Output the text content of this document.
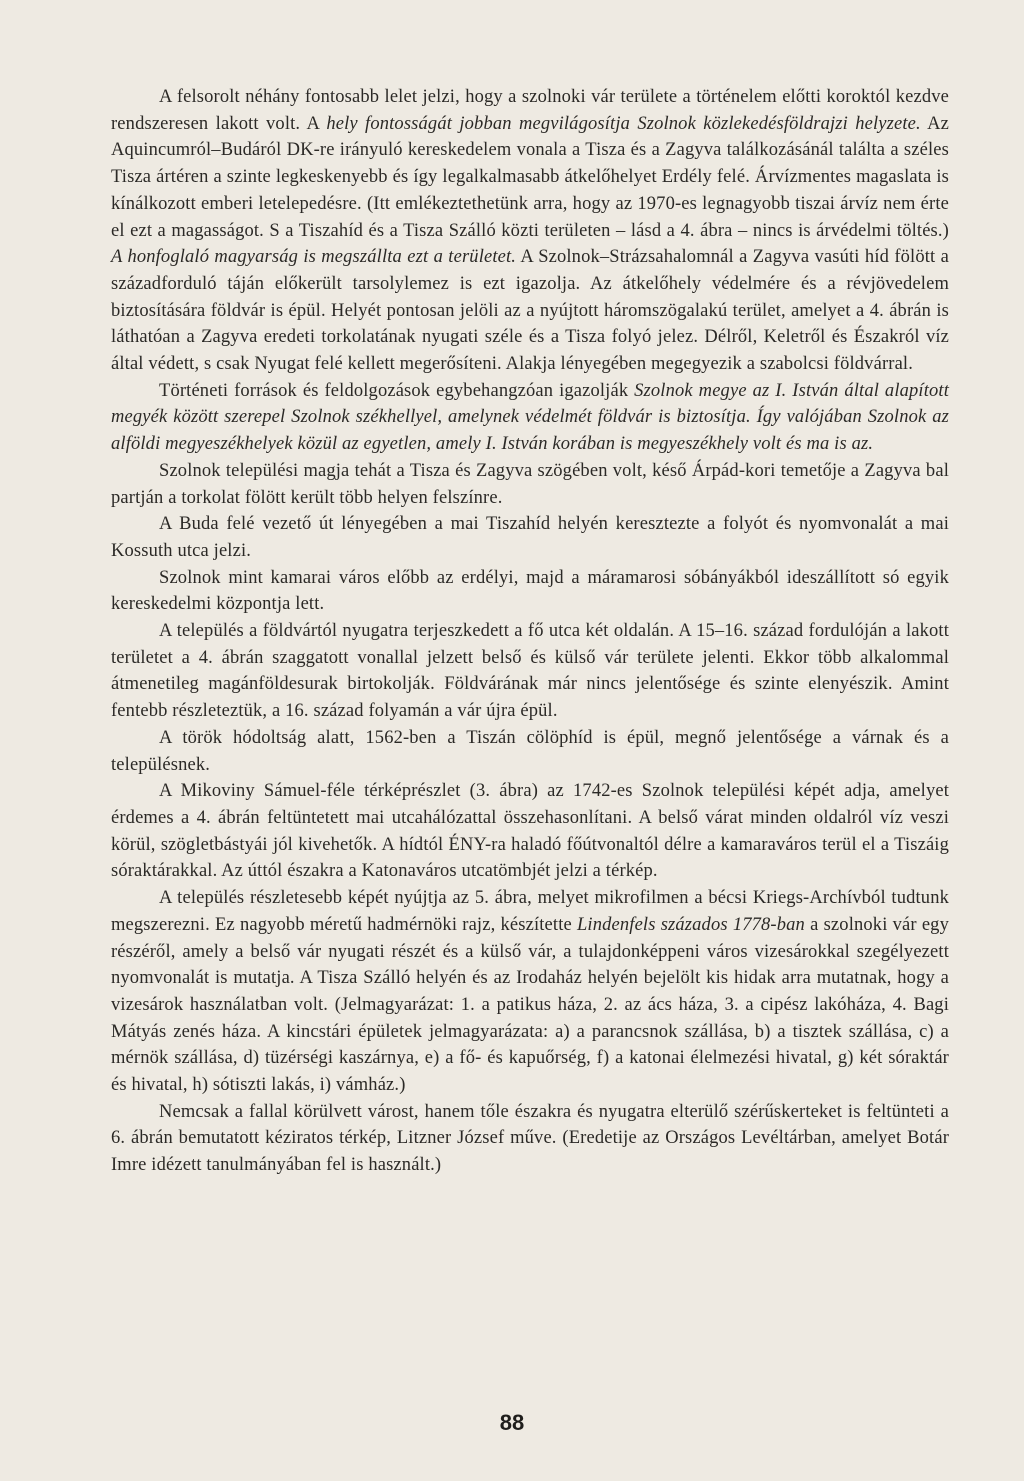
A felsorolt néhány fontosabb lelet jelzi, hogy a szolnoki vár területe a történelem előtti koroktól kezdve rendszeresen lakott volt. A hely fontosságát jobban megvilágosítja Szolnok közlekedésföldrajzi helyzete. Az Aquincumról–Budáról DK-re irányuló kereskedelem vonala a Tisza és a Zagyva találkozásánál találta a széles Tisza ártéren a szinte legkeskenyebb és így legalkalmasabb átkelőhelyet Erdély felé. Árvízmentes magaslata is kínálkozott emberi letelepedésre. (Itt emlékeztethetünk arra, hogy az 1970-es legnagyobb tiszai árvíz nem érte el ezt a magasságot. S a Tiszahíd és a Tisza Szálló közti területen – lásd a 4. ábra – nincs is árvédelmi töltés.) A honfoglaló magyarság is megszállta ezt a területet. A Szolnok–Strázsahalomnál a Zagyva vasúti híd fölött a századforduló táján előkerült tarsolylemez is ezt igazolja. Az átkelőhely védelmére és a révjövedelem biztosítására földvár is épül. Helyét pontosan jelöli az a nyújtott háromszögalakú terület, amelyet a 4. ábrán is láthatóan a Zagyva eredeti torkolatának nyugati széle és a Tisza folyó jelez. Délről, Keletről és Északról víz által védett, s csak Nyugat felé kellett megerősíteni. Alakja lényegében megegyezik a szabolcsi földvárral.

Történeti források és feldolgozások egybehangzóan igazolják Szolnok megye az I. István által alapított megyék között szerepel Szolnok székhellyel, amelynek védelmét földvár is biztosítja. Így valójában Szolnok az alföldi megyeszékhelyek közül az egyetlen, amely I. István korában is megyeszékhely volt és ma is az.

Szolnok települési magja tehát a Tisza és Zagyva szögében volt, késő Árpád-kori temetője a Zagyva bal partján a torkolat fölött került több helyen felszínre.

A Buda felé vezető út lényegében a mai Tiszahíd helyén keresztezte a folyót és nyomvonalát a mai Kossuth utca jelzi.

Szolnok mint kamarai város előbb az erdélyi, majd a máramarosi sóbányákból ideszállított só egyik kereskedelmi központja lett.

A település a földvártól nyugatra terjeszkedett a fő utca két oldalán. A 15–16. század fordulóján a lakott területet a 4. ábrán szaggatott vonallal jelzett belső és külső vár területe jelenti. Ekkor több alkalommal átmenetileg magánföldesurak birtokolják. Földvárának már nincs jelentősége és szinte elenyészik. Amint fentebb részleteztük, a 16. század folyamán a vár újra épül.

A török hódoltság alatt, 1562-ben a Tiszán cölöphíd is épül, megnő jelentősége a várnak és a településnek.

A Mikoviny Sámuel-féle térképrészlet (3. ábra) az 1742-es Szolnok települési képét adja, amelyet érdemes a 4. ábrán feltüntetett mai utcahálózattal összehasonlítani. A belső várat minden oldalról víz veszi körül, szögletbástyái jól kivehetők. A hídtól ÉNY-ra haladó főútvonaltól délre a kamaraváros terül el a Tiszáig sóraktárakkal. Az úttól északra a Katonaváros utcatömbjét jelzi a térkép.

A település részletesebb képét nyújtja az 5. ábra, melyet mikrofilmen a bécsi Kriegs-Archívból tudtunk megszerezni. Ez nagyobb méretű hadmérnöki rajz, készítette Lindenfels százados 1778-ban a szolnoki vár egy részéről, amely a belső vár nyugati részét és a külső vár, a tulajdonképpeni város vizesárokkal szegélyezett nyomvonalát is mutatja. A Tisza Szálló helyén és az Irodaház helyén bejelölt kis hidak arra mutatnak, hogy a vizesárok használatban volt. (Jelmagyarázat: 1. a patikus háza, 2. az ács háza, 3. a cipész lakóháza, 4. Bagi Mátyás zenés háza. A kincstári épületek jelmagyarázata: a) a parancsnok szállása, b) a tisztek szállása, c) a mérnök szállása, d) tüzérségi kaszárnya, e) a fő- és kapuőrség, f) a katonai élelmezési hivatal, g) két sóraktár és hivatal, h) sótiszti lakás, i) vámház.)

Nemcsak a fallal körülvett várost, hanem tőle északra és nyugatra elterülő szérűskerteket is feltünteti a 6. ábrán bemutatott kéziratos térkép, Litzner József műve. (Eredetije az Országos Levéltárban, amelyet Botár Imre idézett tanulmányában fel is használt.)

88
